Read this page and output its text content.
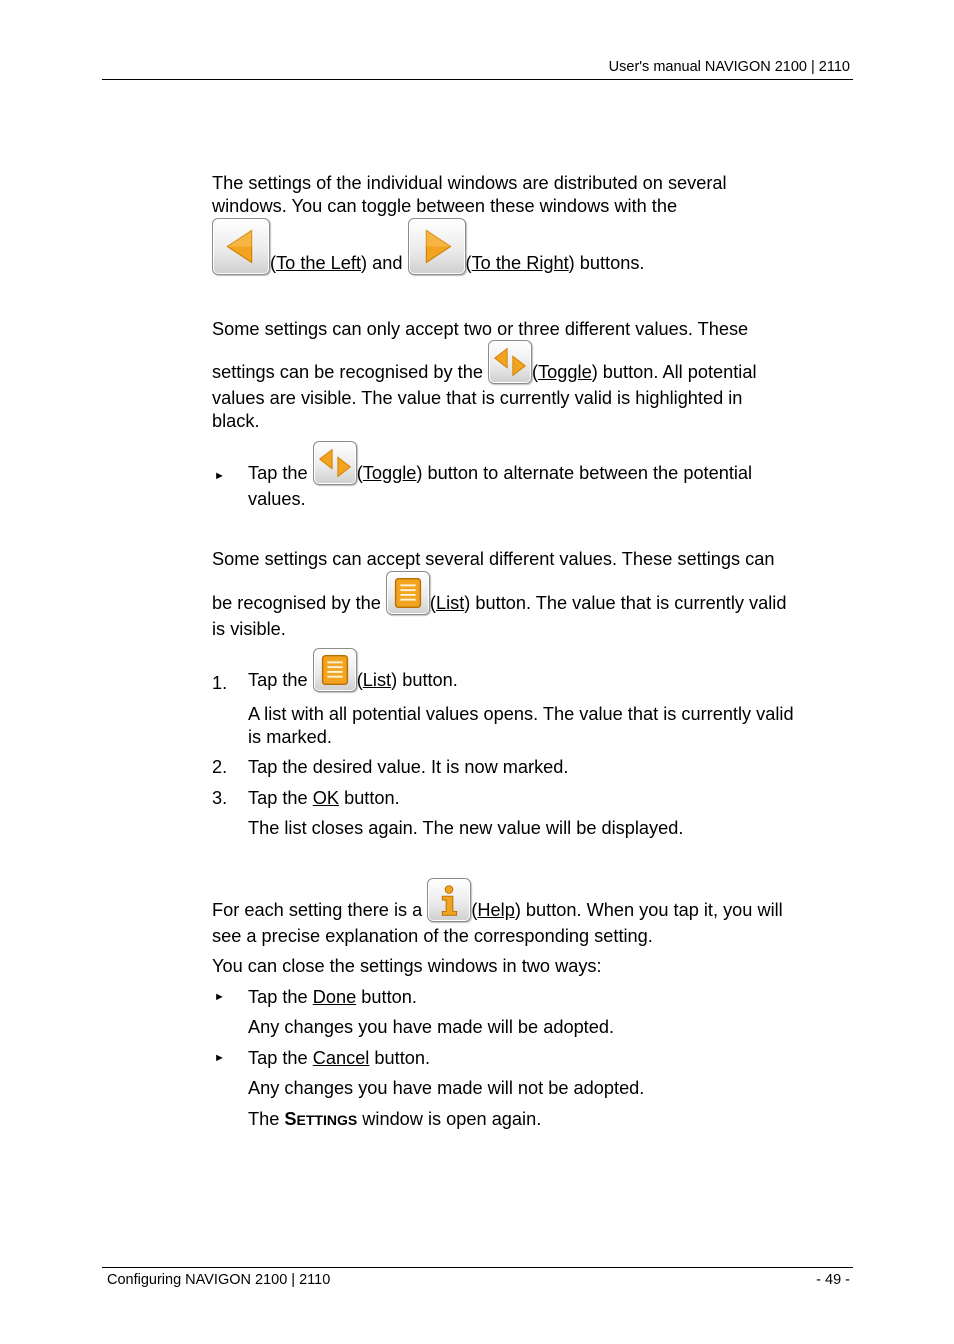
User's manual NAVIGON 2100 | 2110
The settings of the individual windows are distributed on several
windows. You can toggle between these windows with the
(To the Left) and	(To the Right) buttons.
Some settings can only accept two or three different values. These
settings can be recognised by the	(Toggle) button. All potential
values are visible. The value that is currently valid is highlighted in
black.
► Tap the	(Toggle) button to alternate between the potential
values.
Some settings can accept several different values. These settings can
be recognised by the	(List) button. The value that is currently valid
is visible.
1. Tap the	(List) button.
A list with all potential values opens. The value that is currently valid
is marked.
2. Tap the desired value. It is now marked.
3. Tap the OK button.
The list closes again. The new value will be displayed.
For each setting there is a	(Help) button. When you tap it, you will
see a precise explanation of the corresponding setting.
You can close the settings windows in two ways:
► Tap the Done button.
Any changes you have made will be adopted.
► Tap the Cancel button.
Any changes you have made will not be adopted.
The SETTINGS window is open again.
Configuring NAVIGON 2100 | 2110	- 49 -
